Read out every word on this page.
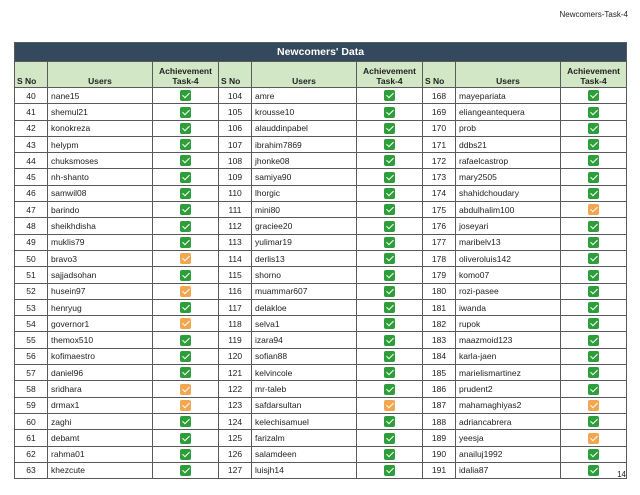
Newcomers-Task-4
Newcomers' Data								
S No	Users	Achievement Task-4	S No	Users	Achievement Task-4	S No	Users	Achievement Task-4
40	nane15		104	amre		168	mayepariata	
41	shemul21		105	krousse10		169	eliangeantequera	
42	konokreza		106	alauddinpabel		170	prob	
43	helypm		107	ibrahim7869		171	ddbs21	
44	chuksmoses		108	jhonke08		172	rafaelcastrop	
45	nh-shanto		109	samiya90		173	mary2505	
46	samwil08		110	lhorgic		174	shahidchoudary	
47	barindo		111	mini80		175	abdulhalim100	
48	sheikhdisha		112	graciee20		176	joseyari	
49	muklis79		113	yulimar19		177	maribelv13	
50	bravo3		114	derlis13		178	oliveroluis142	
51	sajjadsohan		115	shorno		179	komo07	
52	husein97		116	muammar607		180	rozi-pasee	
53	henryug		117	delakloe		181	iwanda	
54	governor1		118	selva1		182	rupok	
55	themox510		119	izara94		183	maazmoid123	
56	kofimaestro		120	sofian88		184	karla-jaen	
57	daniel96		121	kelvincole		185	marielismartinez	
58	sridhara		122	mr-taleb		186	prudent2	
59	drmax1		123	safdarsultan		187	mahamaghiyas2	
60	zaghi		124	kelechisamuel		188	adriancabrera	
61	debamt		125	farizalm		189	yeesja	
62	rahma01		126	salamdeen		190	anailuj1992	
63	khezcute		127	luisjh14		191	idalia87		14
